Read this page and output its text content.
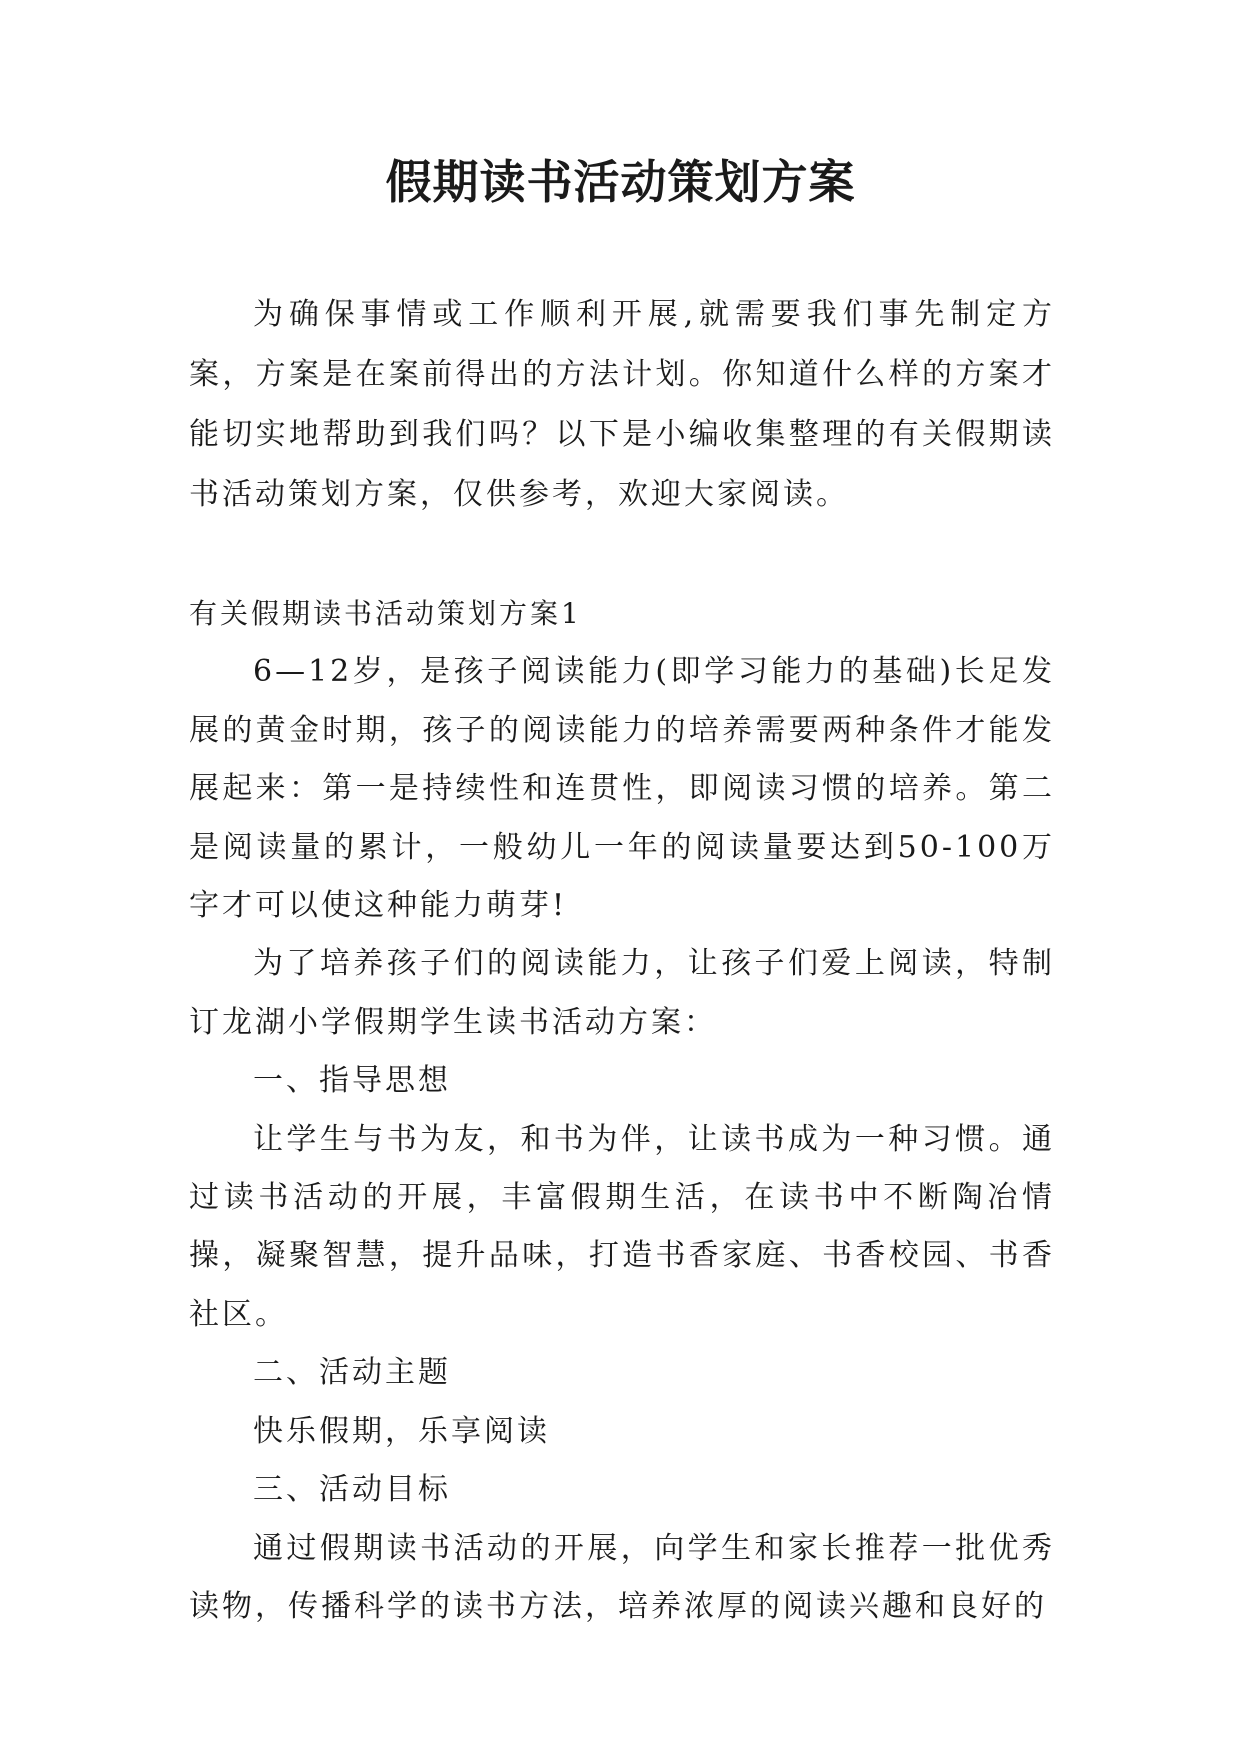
假期读书活动策划方案

为确保事情或工作顺利开展,就需要我们事先制定方案，方案是在案前得出的方法计划。你知道什么样的方案才能切实地帮助到我们吗？以下是小编收集整理的有关假期读书活动策划方案，仅供参考，欢迎大家阅读。

有关假期读书活动策划方案1

6—12岁，是孩子阅读能力(即学习能力的基础)长足发展的黄金时期，孩子的阅读能力的培养需要两种条件才能发展起来：第一是持续性和连贯性，即阅读习惯的培养。第二是阅读量的累计，一般幼儿一年的阅读量要达到50-100万字才可以使这种能力萌芽!

为了培养孩子们的阅读能力，让孩子们爱上阅读，特制订龙湖小学假期学生读书活动方案：

一、指导思想

让学生与书为友，和书为伴，让读书成为一种习惯。通过读书活动的开展，丰富假期生活，在读书中不断陶冶情操，凝聚智慧，提升品味，打造书香家庭、书香校园、书香社区。

二、活动主题

快乐假期，乐享阅读

三、活动目标

通过假期读书活动的开展，向学生和家长推荐一批优秀读物，传播科学的读书方法，培养浓厚的阅读兴趣和良好的
